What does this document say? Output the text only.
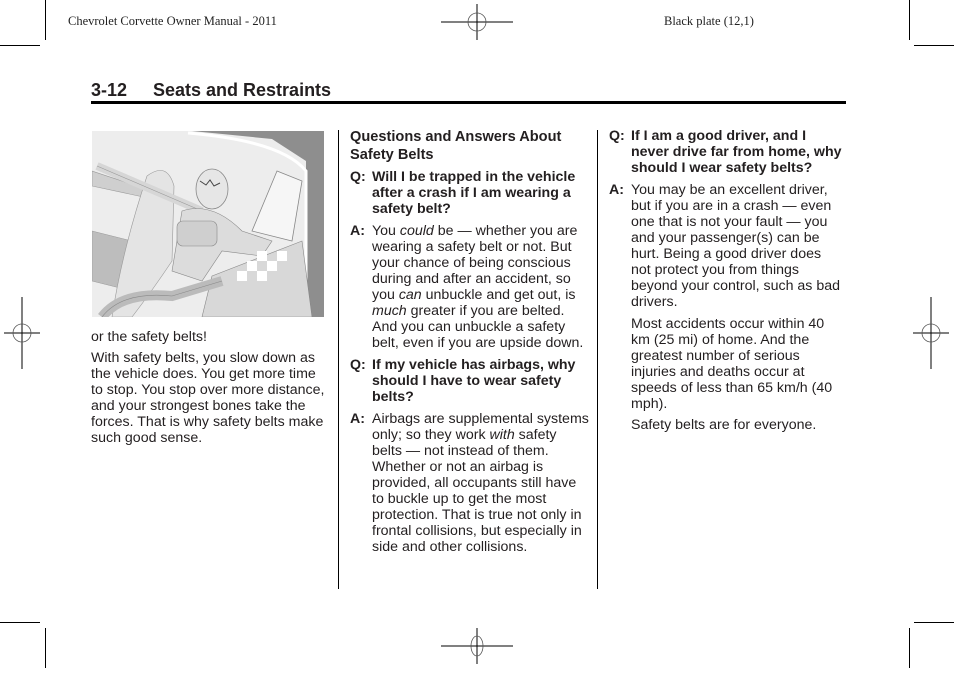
Chevrolet Corvette Owner Manual - 2011	Black plate (12,1)
3-12 Seats and Restraints

or the safety belts!

With safety belts, you slow down as the vehicle does. You get more time to stop. You stop over more distance, and your strongest bones take the forces. That is why safety belts make such good sense.

Questions and Answers About Safety Belts
Q: Will I be trapped in the vehicle after a crash if I am wearing a safety belt?
A: You could be — whether you are wearing a safety belt or not. But your chance of being conscious during and after an accident, so you can unbuckle and get out, is much greater if you are belted. And you can unbuckle a safety belt, even if you are upside down.
Q: If my vehicle has airbags, why should I have to wear safety belts?
A: Airbags are supplemental systems only; so they work with safety belts — not instead of them. Whether or not an airbag is provided, all occupants still have to buckle up to get the most protection. That is true not only in frontal collisions, but especially in side and other collisions.
Q: If I am a good driver, and I never drive far from home, why should I wear safety belts?
A: You may be an excellent driver, but if you are in a crash — even one that is not your fault — you and your passenger(s) can be hurt. Being a good driver does not protect you from things beyond your control, such as bad drivers.

Most accidents occur within 40 km (25 mi) of home. And the greatest number of serious injuries and deaths occur at speeds of less than 65 km/h (40 mph).

Safety belts are for everyone.
